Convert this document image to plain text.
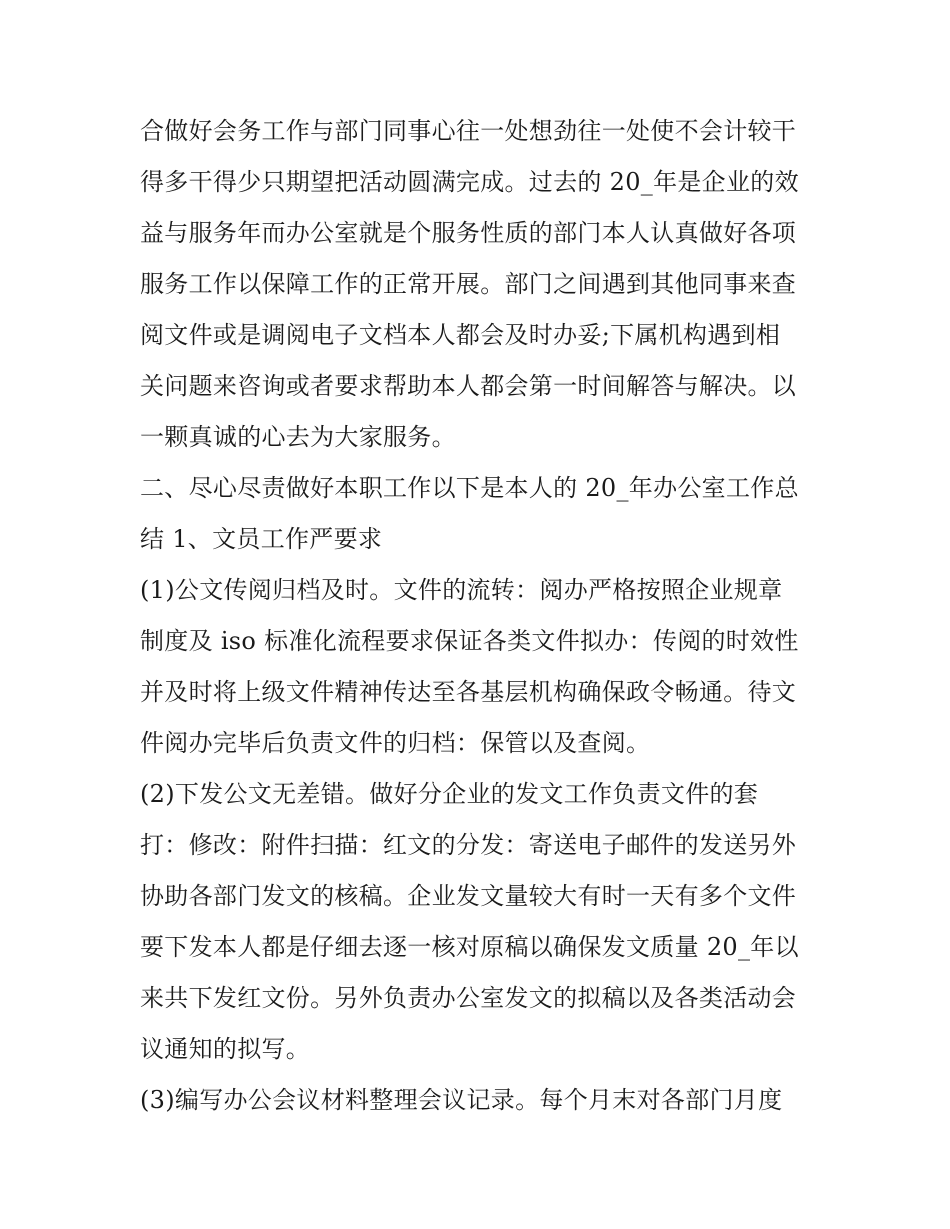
合做好会务工作与部门同事心往一处想劲往一处使不会计较干
得多干得少只期望把活动圆满完成。过去的 20_年是企业的效
益与服务年而办公室就是个服务性质的部门本人认真做好各项
服务工作以保障工作的正常开展。部门之间遇到其他同事来查
阅文件或是调阅电子文档本人都会及时办妥;下属机构遇到相
关问题来咨询或者要求帮助本人都会第一时间解答与解决。以
一颗真诚的心去为大家服务。
二、尽心尽责做好本职工作以下是本人的 20_年办公室工作总
结 1、文员工作严要求
(1)公文传阅归档及时。文件的流转：阅办严格按照企业规章
制度及 iso 标准化流程要求保证各类文件拟办：传阅的时效性
并及时将上级文件精神传达至各基层机构确保政令畅通。待文
件阅办完毕后负责文件的归档：保管以及查阅。
(2)下发公文无差错。做好分企业的发文工作负责文件的套
打：修改：附件扫描：红文的分发：寄送电子邮件的发送另外
协助各部门发文的核稿。企业发文量较大有时一天有多个文件
要下发本人都是仔细去逐一核对原稿以确保发文质量 20_年以
来共下发红文份。另外负责办公室发文的拟稿以及各类活动会
议通知的拟写。
(3)编写办公会议材料整理会议记录。每个月末对各部门月度
